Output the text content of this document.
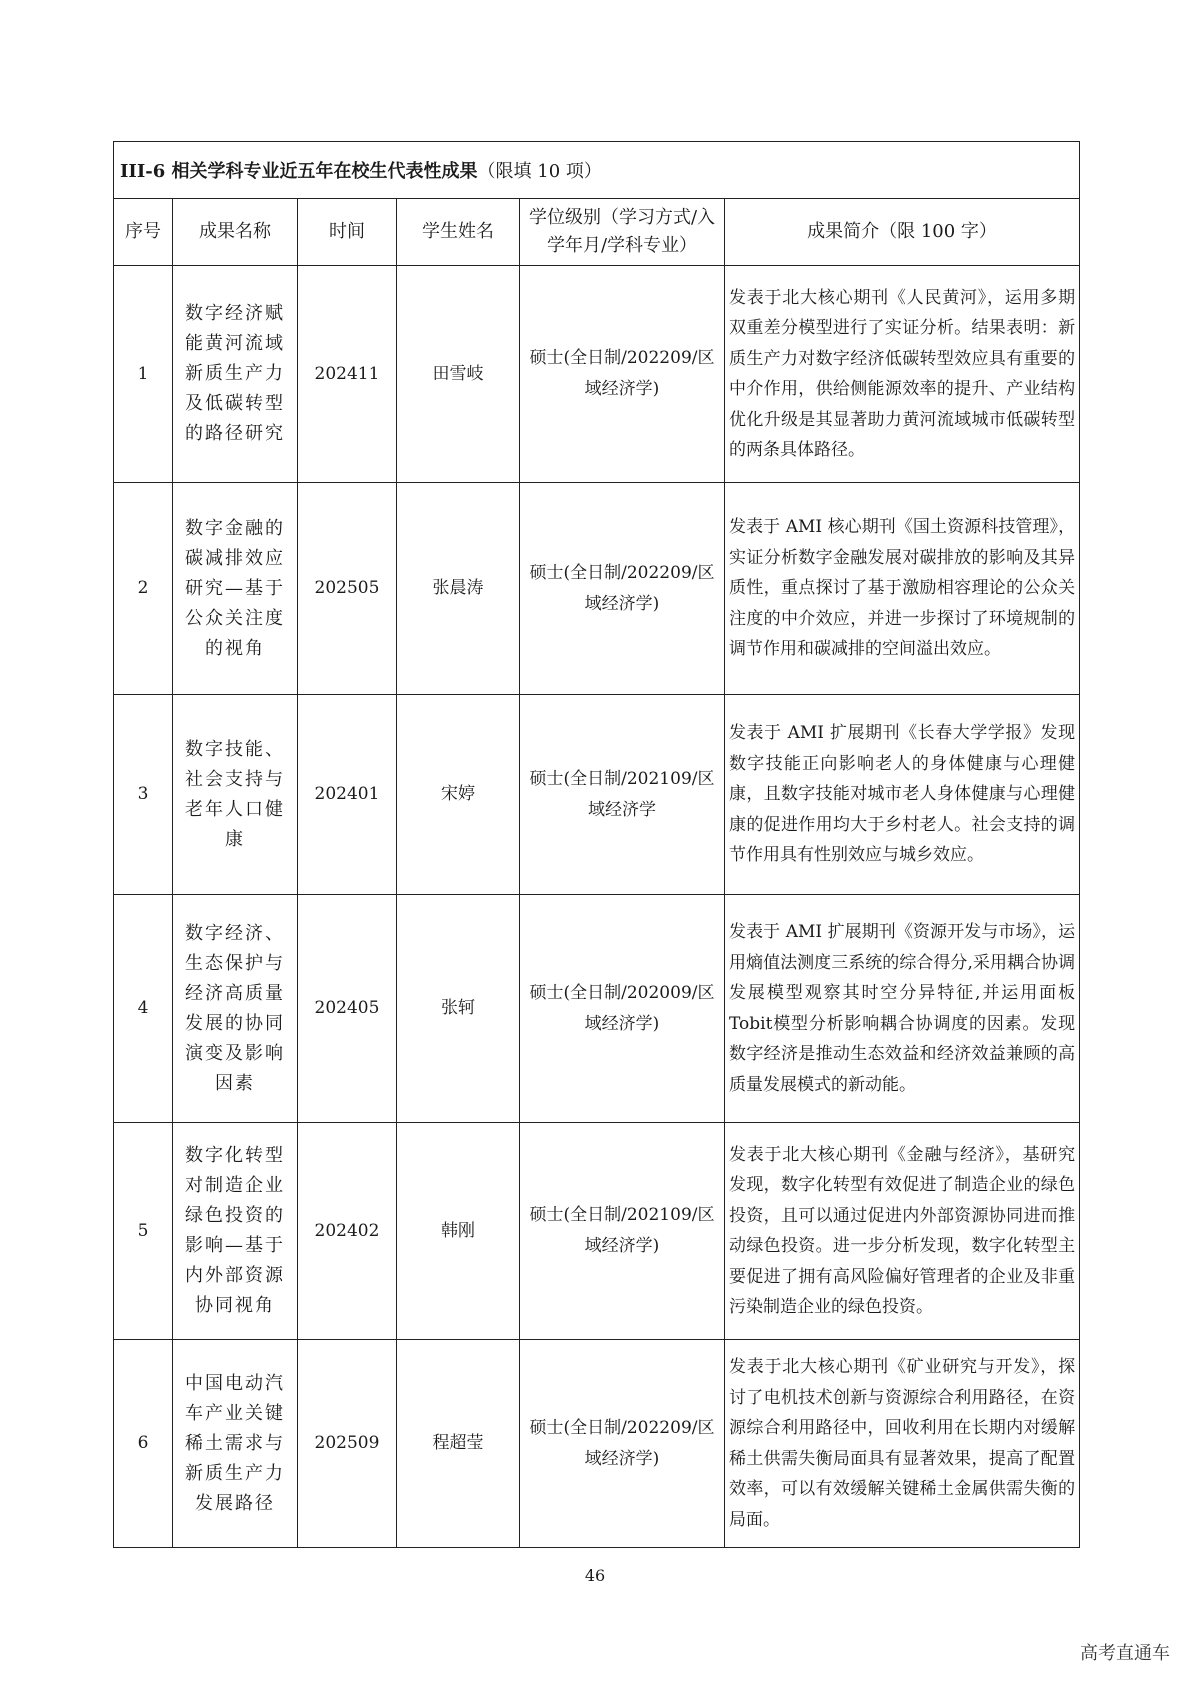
III-6 相关学科专业近五年在校生代表性成果（限填 10 项）					
序号	成果名称	时间	学生姓名	学位级别（学习方式/入学年月/学科专业）	成果简介（限 100 字）
1	数字经济赋能黄河流域新质生产力及低碳转型的路径研究	202411	田雪岐	硕士(全日制/202209/区域经济学)	发表于北大核心期刊《人民黄河》，运用多期双重差分模型进行了实证分析。结果表明：新质生产力对数字经济低碳转型效应具有重要的中介作用，供给侧能源效率的提升、产业结构优化升级是其显著助力黄河流域城市低碳转型的两条具体路径。
2	数字金融的碳减排效应研究—基于公众关注度的视角	202505	张晨涛	硕士(全日制/202209/区域经济学)	发表于 AMI 核心期刊《国土资源科技管理》，实证分析数字金融发展对碳排放的影响及其异质性，重点探讨了基于激励相容理论的公众关注度的中介效应，并进一步探讨了环境规制的调节作用和碳减排的空间溢出效应。
3	数字技能、社会支持与老年人口健康	202401	宋婷	硕士(全日制/202109/区域经济学	发表于 AMI 扩展期刊《长春大学学报》发现数字技能正向影响老人的身体健康与心理健康，且数字技能对城市老人身体健康与心理健康的促进作用均大于乡村老人。社会支持的调节作用具有性别效应与城乡效应。
4	数字经济、生态保护与经济高质量发展的协同演变及影响因素	202405	张轲	硕士(全日制/202009/区域经济学)	发表于 AMI 扩展期刊《资源开发与市场》，运用熵值法测度三系统的综合得分,采用耦合协调发展模型观察其时空分异特征,并运用面板Tobit模型分析影响耦合协调度的因素。发现数字经济是推动生态效益和经济效益兼顾的高质量发展模式的新动能。
5	数字化转型对制造企业绿色投资的影响—基于内外部资源协同视角	202402	韩刚	硕士(全日制/202109/区域经济学)	发表于北大核心期刊《金融与经济》，基研究发现，数字化转型有效促进了制造企业的绿色投资，且可以通过促进内外部资源协同进而推动绿色投资。进一步分析发现，数字化转型主要促进了拥有高风险偏好管理者的企业及非重污染制造企业的绿色投资。
6	中国电动汽车产业关键稀土需求与新质生产力发展路径	202509	程超莹	硕士(全日制/202209/区域经济学)	发表于北大核心期刊《矿业研究与开发》，探讨了电机技术创新与资源综合利用路径，在资源综合利用路径中，回收利用在长期内对缓解稀土供需失衡局面具有显著效果，提高了配置效率，可以有效缓解关键稀土金属供需失衡的局面。
46
高考直通车
